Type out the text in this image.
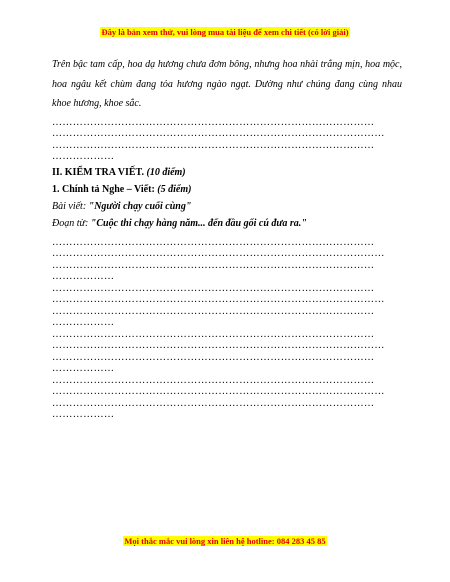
Đây là bản xem thử, vui lòng mua tài liệu để xem chi tiết (có lời giải)

Trên bậc tam cấp, hoa dạ hương chưa đơm bông, nhưng hoa nhài trắng mịn, hoa mộc, hoa ngâu kết chùm đang tỏa hương ngào ngạt. Dường như chúng đang cùng nhau khoe hương, khoe sắc.

…………………………………………………………………………………
……………………………………………………………………………………
…………………………………………………………………………………
………………
II. KIỂM TRA VIẾT. (10 điểm)
1. Chính tả Nghe – Viết: (5 điểm)
Bài viết: "Người chạy cuối cùng"
Đoạn từ: "Cuộc thi chạy hàng năm... đến đầu gối cú đưa ra."
…………………………………………………………………………………
……………………………………………………………………………………
…………………………………………………………………………………
………………
…………………………………………………………………………………
……………………………………………………………………………………
…………………………………………………………………………………
………………
…………………………………………………………………………………
……………………………………………………………………………………
…………………………………………………………………………………
………………
…………………………………………………………………………………
……………………………………………………………………………………
…………………………………………………………………………………
………………
Mọi thắc mắc vui lòng xin liên hệ hotline: 084 283 45 85
